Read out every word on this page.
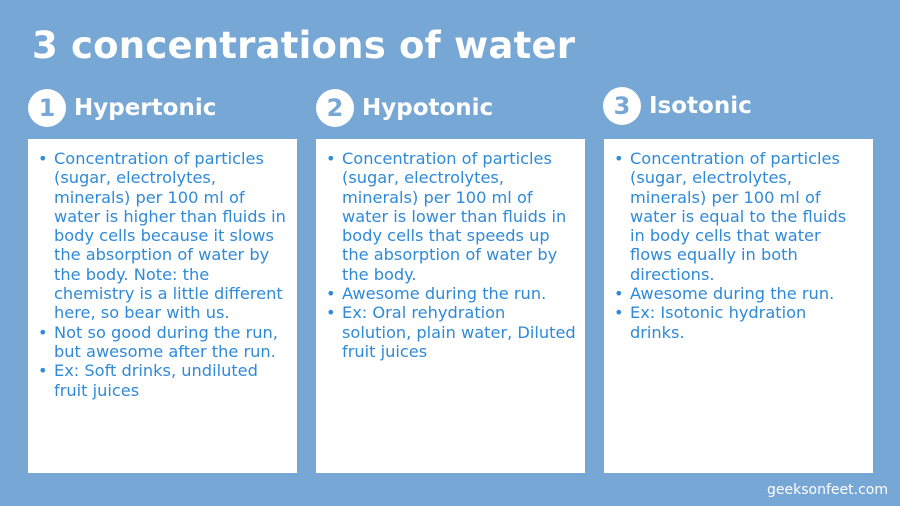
3 concentrations of water
1 Hypertonic
• Concentration of particles (sugar, electrolytes, minerals) per 100 ml of water is higher than fluids in body cells because it slows the absorption of water by the body. Note: the chemistry is a little different here, so bear with us.
• Not so good during the run, but awesome after the run.
• Ex: Soft drinks, undiluted fruit juices
2 Hypotonic
• Concentration of particles (sugar, electrolytes, minerals) per 100 ml of water is lower than fluids in body cells that speeds up the absorption of water by the body.
• Awesome during the run.
• Ex: Oral rehydration solution, plain water, Diluted fruit juices
3 Isotonic
• Concentration of particles (sugar, electrolytes, minerals) per 100 ml of water is equal to the fluids in body cells that water flows equally in both directions.
• Awesome during the run.
• Ex: Isotonic hydration drinks.
geeksonfeet.com
